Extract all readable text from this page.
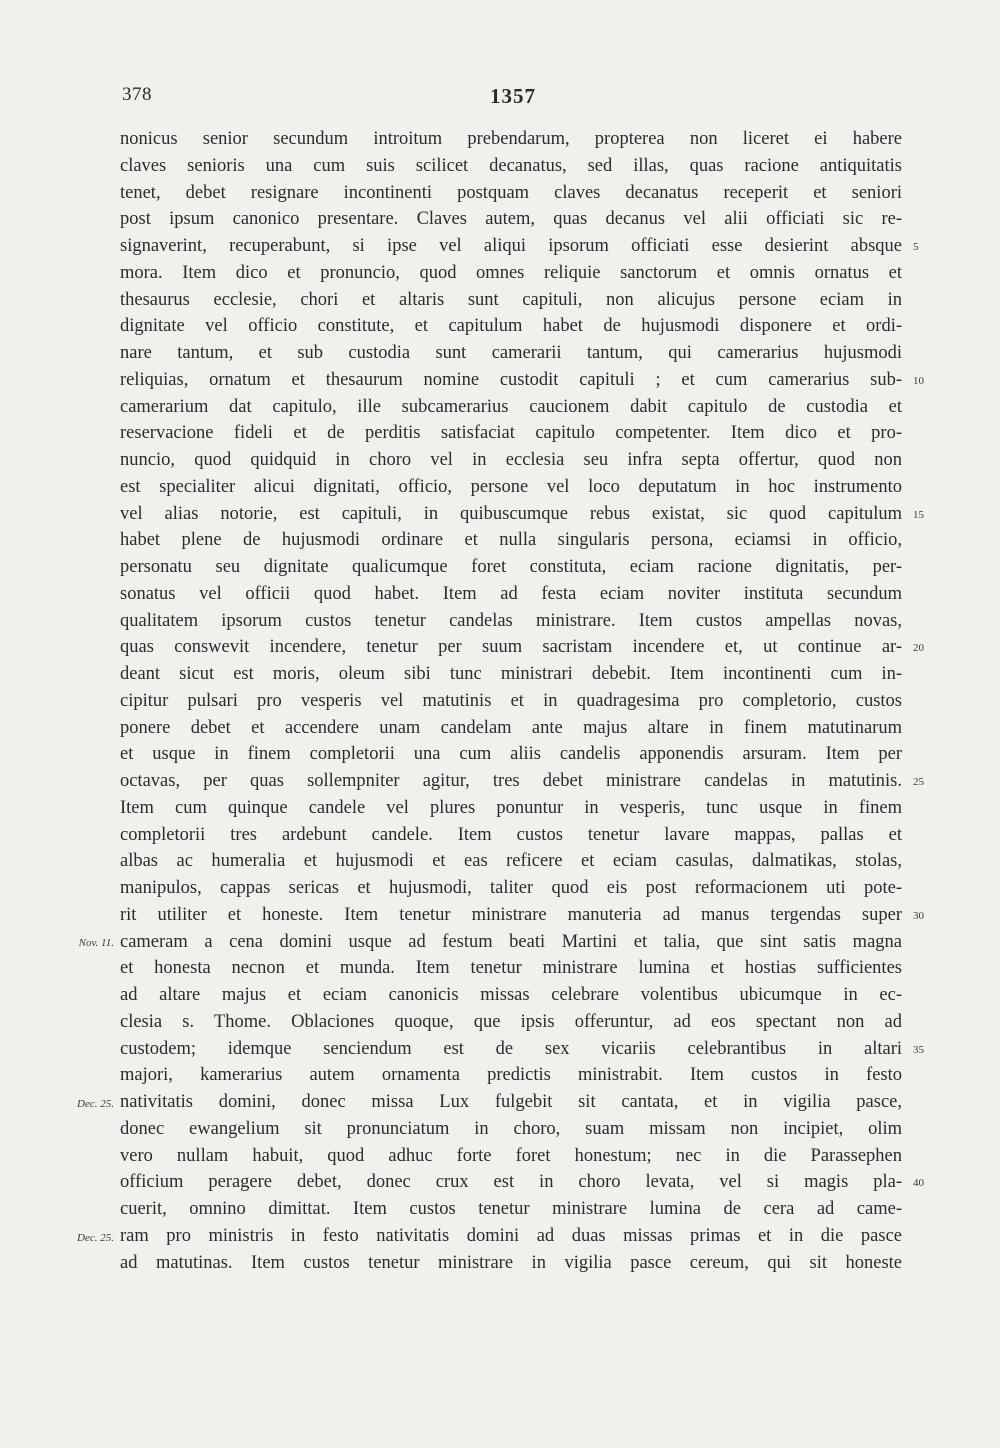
378	1357
nonicus senior secundum introitum prebendarum, propterea non liceret ei habere
claves senioris una cum suis scilicet decanatus, sed illas, quas racione antiquitatis
tenet, debet resignare incontinenti postquam claves decanatus receperit et seniori
post ipsum canonico presentare. Claves autem, quas decanus vel alii officiati sic re-
signaverint, recuperabunt, si ipse vel aliqui ipsorum officiati esse desierint absque
mora. Item dico et pronuncio, quod omnes reliquie sanctorum et omnis ornatus et
thesaurus ecclesie, chori et altaris sunt capituli, non alicujus persone eciam in
dignitate vel officio constitute, et capitulum habet de hujusmodi disponere et ordi-
nare tantum, et sub custodia sunt camerarii tantum, qui camerarius hujusmodi
reliquias, ornatum et thesaurum nomine custodit capituli ; et cum camerarius sub-
camerarium dat capitulo, ille subcamerarius caucionem dabit capitulo de custodia et
reservacione fideli et de perditis satisfaciat capitulo competenter. Item dico et pro-
nuncio, quod quidquid in choro vel in ecclesia seu infra septa offertur, quod non
est specialiter alicui dignitati, officio, persone vel loco deputatum in hoc instrumento
vel alias notorie, est capituli, in quibuscumque rebus existat, sic quod capitulum
habet plene de hujusmodi ordinare et nulla singularis persona, eciamsi in officio,
personatu seu dignitate qualicumque foret constituta, eciam racione dignitatis, per-
sonatus vel officii quod habet. Item ad festa eciam noviter instituta secundum
qualitatem ipsorum custos tenetur candelas ministrare. Item custos ampellas novas,
quas conswevit incendere, tenetur per suum sacristam incendere et, ut continue ar-
deant sicut est moris, oleum sibi tunc ministrari debebit. Item incontinenti cum in-
cipitur pulsari pro vesperis vel matutinis et in quadragesima pro completorio, custos
ponere debet et accendere unam candelam ante majus altare in finem matutinarum
et usque in finem completorii una cum aliis candelis apponendis arsuram. Item per
octavas, per quas sollempniter agitur, tres debet ministrare candelas in matutinis.
Item cum quinque candele vel plures ponuntur in vesperis, tunc usque in finem
completorii tres ardebunt candele. Item custos tenetur lavare mappas, pallas et
albas ac humeralia et hujusmodi et eas reficere et eciam casulas, dalmatikas, stolas,
manipulos, cappas sericas et hujusmodi, taliter quod eis post reformacionem uti pote-
rit utiliter et honeste. Item tenetur ministrare manuteria ad manus tergendas super
cameram a cena domini usque ad festum beati Martini et talia, que sint satis magna
et honesta necnon et munda. Item tenetur ministrare lumina et hostias sufficientes
ad altare majus et eciam canonicis missas celebrare volentibus ubicumque in ec-
clesia s. Thome. Oblaciones quoque, que ipsis offeruntur, ad eos spectant non ad
custodem; idemque senciendum est de sex vicariis celebrantibus in altari
majori, kamerarius autem ornamenta predictis ministrabit. Item custos in festo
nativitatis domini, donec missa Lux fulgebit sit cantata, et in vigilia pasce,
donec ewangelium sit pronunciatum in choro, suam missam non incipiet, olim
vero nullam habuit, quod adhuc forte foret honestum; nec in die Parassephen
officium peragere debet, donec crux est in choro levata, vel si magis pla-
cuerit, omnino dimittat. Item custos tenetur ministrare lumina de cera ad came-
ram pro ministris in festo nativitatis domini ad duas missas primas et in die pasce
ad matutinas. Item custos tenetur ministrare in vigilia pasce cereum, qui sit honeste
5
10
15
20
25
30
35
40
Nov. 11.
Dec. 25.
Dec. 25.
